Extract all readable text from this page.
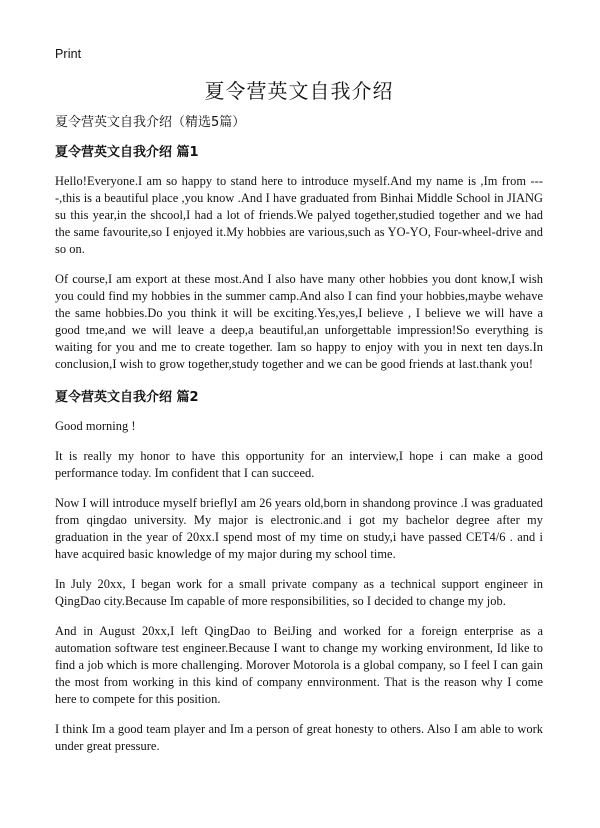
Print
夏令营英文自我介绍
夏令营英文自我介绍（精选5篇）
夏令营英文自我介绍 篇1

Hello!Everyone.I am so happy to stand here to introduce myself.And my name is ,Im from ----,this is a beautiful place ,you know .And I have graduated from Binhai Middle School in JIANG su this year,in the shcool,I had a lot of friends.We palyed together,studied together and we had the same favourite,so I enjoyed it.My hobbies are various,such as YO-YO, Four-wheel-drive and so on.

Of course,I am export at these most.And I also have many other hobbies you dont know,I wish you could find my hobbies in the summer camp.And also I can find your hobbies,maybe wehave the same hobbies.Do you think it will be exciting.Yes,yes,I believe , I believe we will have a good tme,and we will leave a deep,a beautiful,an unforgettable impression!So everything is waiting for you and me to create together. Iam so happy to enjoy with you in next ten days.In conclusion,I wish to grow together,study together and we can be good friends at last.thank you!

夏令营英文自我介绍 篇2

Good morning !

It is really my honor to have this opportunity for an interview,I hope i can make a good performance today. Im confident that I can succeed.

Now I will introduce myself brieflyI am 26 years old,born in shandong province .I was graduated from qingdao university. My major is electronic.and i got my bachelor degree after my graduation in the year of 20xx.I spend most of my time on study,i have passed CET4/6 . and i have acquired basic knowledge of my major during my school time.

In July 20xx, I began work for a small private company as a technical support engineer in QingDao city.Because Im capable of more responsibilities, so I decided to change my job.

And in August 20xx,I left QingDao to BeiJing and worked for a foreign enterprise as a automation software test engineer.Because I want to change my working environment, Id like to find a job which is more challenging. Morover Motorola is a global company, so I feel I can gain the most from working in this kind of company ennvironment. That is the reason why I come here to compete for this position.

I think Im a good team player and Im a person of great honesty to others. Also I am able to work under great pressure.
